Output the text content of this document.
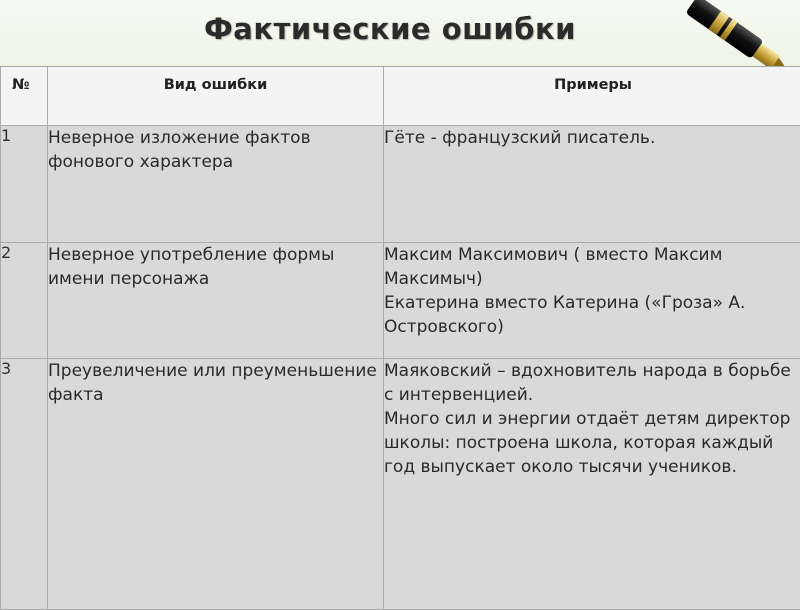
Фактические ошибки
№	Вид ошибки	Примеры
1	Неверное изложение фактов фонового характера	Гёте - французский писатель.

2	Неверное употребление формы имени персонажа	Максим Максимович ( вместо Максим Максимыч)
Екатерина вместо Катерина («Гроза» А. Островского)

3	Преувеличение или преуменьшение факта	Маяковский – вдохновитель народа в борьбе с интервенцией.
Много сил и энергии отдаёт детям директор школы: построена школа, которая каждый год выпускает около тысячи учеников.
